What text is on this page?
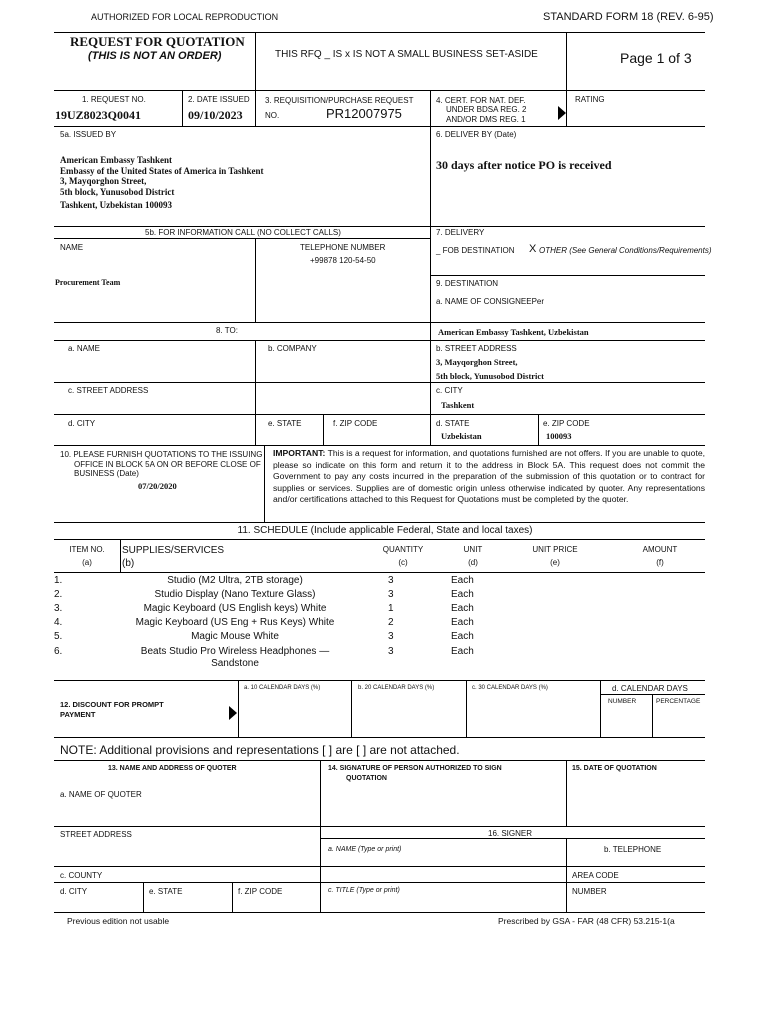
AUTHORIZED FOR LOCAL REPRODUCTION	STANDARD FORM 18 (REV. 6-95)
REQUEST FOR QUOTATION
(THIS IS NOT AN ORDER)	THIS RFQ _ IS x IS NOT A SMALL BUSINESS SET-ASIDE	Page 1 of 3
1. REQUEST NO.
19UZ8023Q0041
2. DATE ISSUED
09/10/2023
3. REQUISITION/PURCHASE REQUEST
NO.	PR12007975
4. CERT. FOR NAT. DEF.
UNDER BDSA REG. 2
AND/OR DMS REG. 1
RATING
5a. ISSUED BY
American Embassy Tashkent
Embassy of the United States of America in Tashkent
3, Mayqorghon Street,
5th block, Yunusobod District
Tashkent, Uzbekistan 100093
6. DELIVER BY (Date)
30 days after notice PO is received
5b. FOR INFORMATION CALL (NO COLLECT CALLS)
NAME	TELEPHONE NUMBER
+99878 120-54-50
Procurement Team
7. DELIVERY
_ FOB DESTINATION X OTHER (See General Conditions/Requirements)
9. DESTINATION
a. NAME OF CONSIGNEEPer
American Embassy Tashkent, Uzbekistan
8. TO:
a. NAME	b. COMPANY	b. STREET ADDRESS
3, Mayqorghon Street,
5th block, Yunusobod District
c. STREET ADDRESS	c. CITY
Tashkent
d. CITY	e. STATE	f. ZIP CODE	d. STATE
Uzbekistan
e. ZIP CODE
100093
10. PLEASE FURNISH QUOTATIONS TO THE ISSUING
OFFICE IN BLOCK 5A ON OR BEFORE CLOSE OF
BUSINESS (Date)
07/20/2020
IMPORTANT: This is a request for information, and quotations furnished are not offers. If you are unable to quote, please so indicate on this form and return it to the address in Block 5A. This request does not commit the Government to pay any costs incurred in the preparation of the submission of this quotation or to contract for supplies or services. Supplies are of domestic origin unless otherwise indicated by quoter. Any representations and/or certifications attached to this Request for Quotations must be completed by the quoter.
11. SCHEDULE (Include applicable Federal, State and local taxes)
ITEM NO.
(a)
SUPPLIES/SERVICES
(b)
QUANTITY
(c)
UNIT
(d)
UNIT PRICE
(e)
AMOUNT
(f)
1.	Studio (M2 Ultra, 2TB storage)	3	Each
2.	Studio Display (Nano Texture Glass)	3	Each
3.	Magic Keyboard (US English keys) White	1	Each
4.	Magic Keyboard (US Eng + Rus Keys) White	2	Each
5.	Magic Mouse White	3	Each
6.	Beats Studio Pro Wireless Headphones —
Sandstone
3	Each
12. DISCOUNT FOR PROMPT
PAYMENT
a. 10 CALENDAR DAYS (%)	b. 20 CALENDAR DAYS (%)	c. 30 CALENDAR DAYS (%)	d. CALENDAR DAYS
NUMBER	PERCENTAGE
NOTE: Additional provisions and representations [ ] are [ ] are not attached.
13. NAME AND ADDRESS OF QUOTER	14. SIGNATURE OF PERSON AUTHORIZED TO SIGN
QUOTATION
15. DATE OF QUOTATION
a. NAME OF QUOTER
STREET ADDRESS	16. SIGNER
a. NAME (Type or print)	b. TELEPHONE
c. COUNTY	AREA CODE
d. CITY	e. STATE	f. ZIP CODE	c. TITLE (Type or print)	NUMBER
Previous edition not usable	Prescribed by GSA - FAR (48 CFR) 53.215-1(a
